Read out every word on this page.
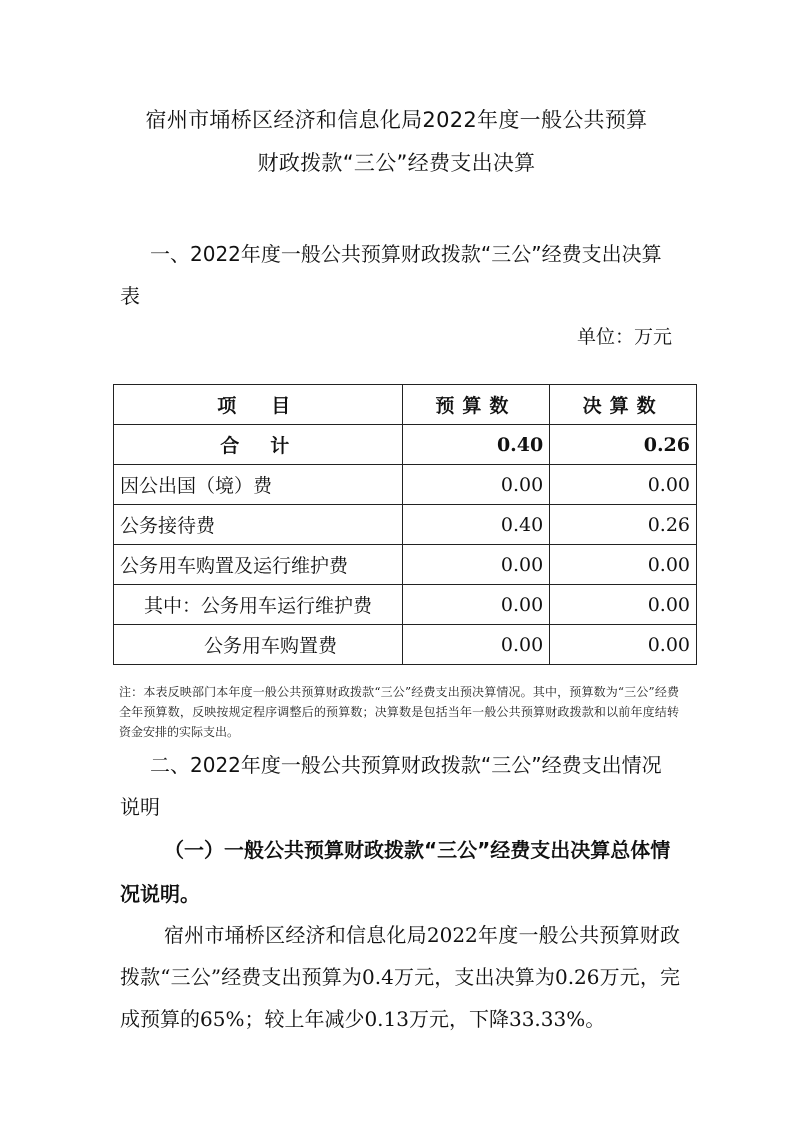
宿州市埇桥区经济和信息化局2022年度一般公共预算
财政拨款“三公”经费支出决算
一、2022年度一般公共预算财政拨款“三公”经费支出决算表
单位：万元
项　目	预算数	决算数
合　计	0.40	0.26
因公出国（境）费	0.00	0.00
公务接待费	0.40	0.26
公务用车购置及运行维护费	0.00	0.00
其中：公务用车运行维护费	0.00	0.00
公务用车购置费	0.00	0.00
注：本表反映部门本年度一般公共预算财政拨款“三公”经费支出预决算情况。其中，预算数为“三公”经费全年预算数，反映按规定程序调整后的预算数；决算数是包括当年一般公共预算财政拨款和以前年度结转资金安排的实际支出。
二、2022年度一般公共预算财政拨款“三公”经费支出情况说明
（一）一般公共预算财政拨款“三公”经费支出决算总体情况说明。
宿州市埇桥区经济和信息化局2022年度一般公共预算财政拨款“三公”经费支出预算为0.4万元，支出决算为0.26万元，完成预算的65%；较上年减少0.13万元，下降33.33%。
